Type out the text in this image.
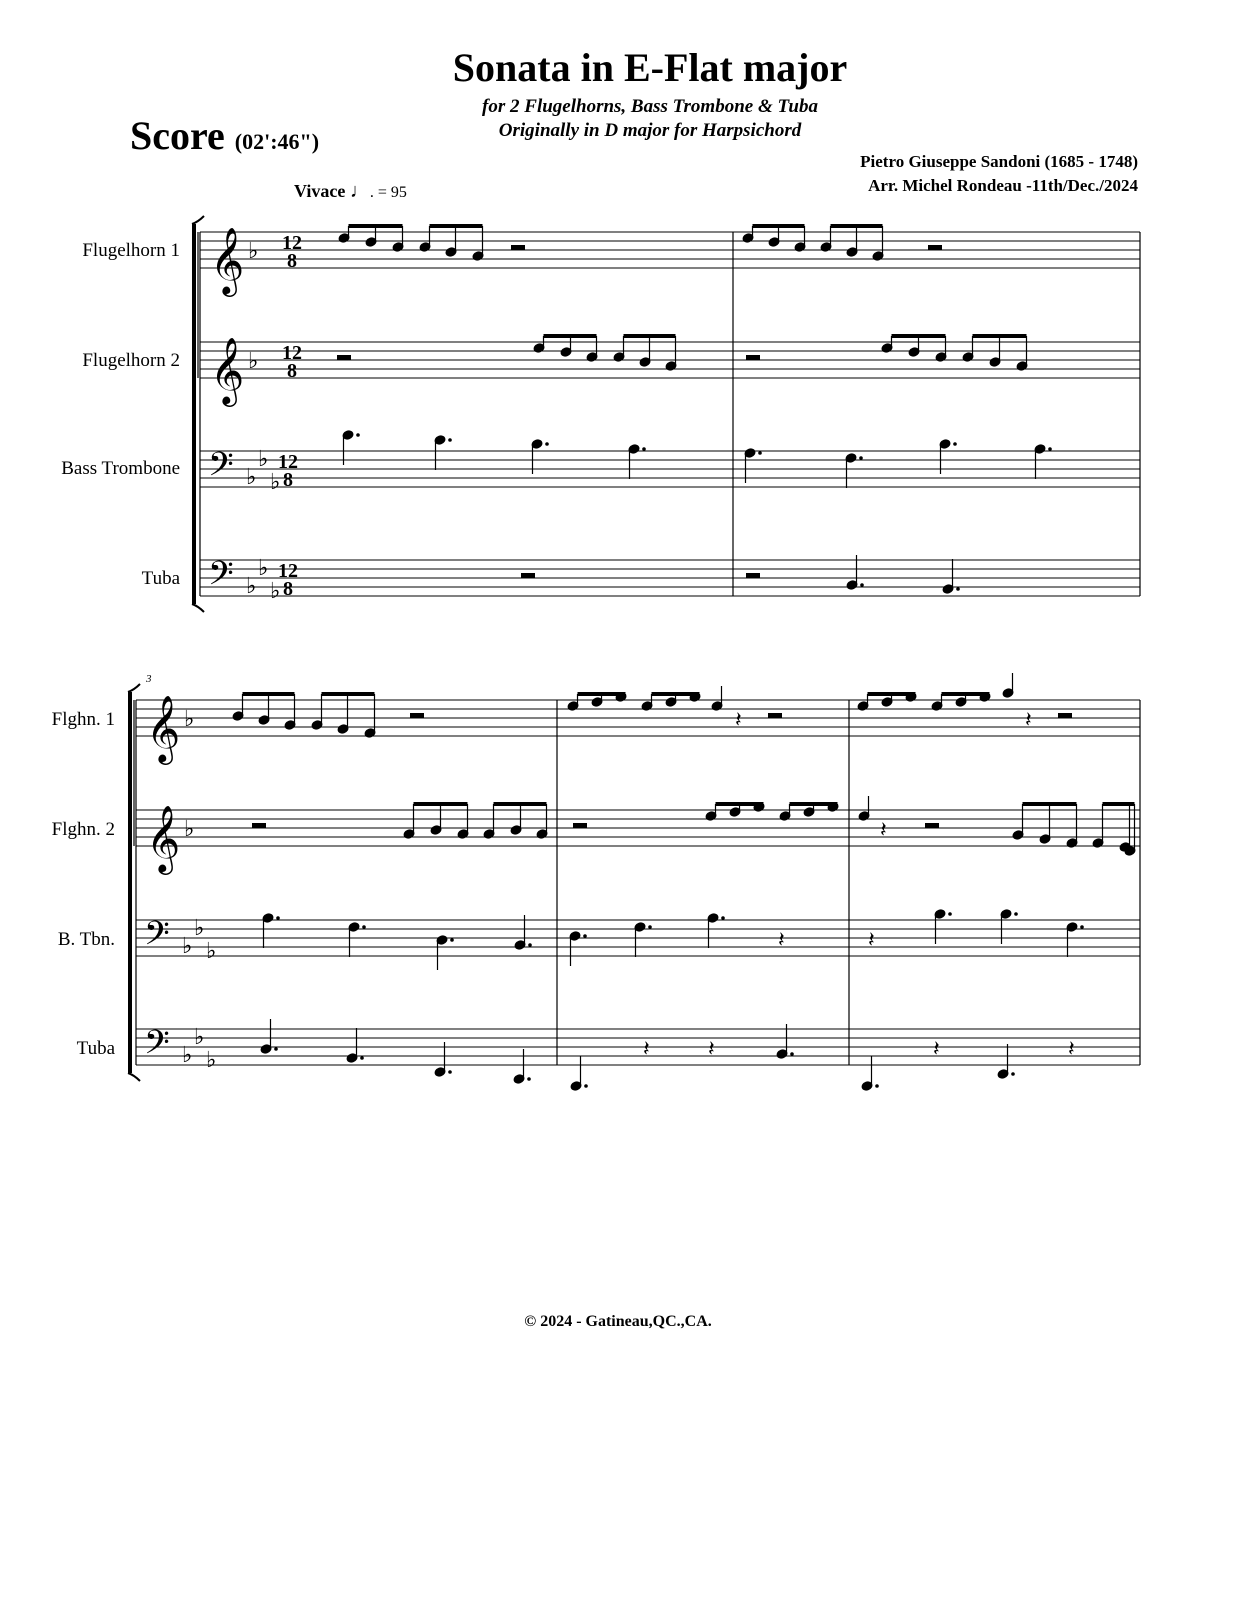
Sonata in E-Flat major
for 2 Flugelhorns, Bass Trombone & Tuba
Originally in D major for Harpsichord
Score (02':46")
Pietro Giuseppe Sandoni (1685 - 1748)
Arr. Michel Rondeau -11th/Dec./2024
Vivace ♩. = 95
Flugelhorn 1
Flugelhorn 2
Bass Trombone
Tuba
Flghn. 1
Flghn. 2
B. Tbn.
Tuba
3
𝄞
𝄞
𝄢
𝄢
𝄞
𝄞
𝄢
𝄢
♭
♭
♭
♭
♭
♭
♭
♭
♭
♭
♭
♭
♭
♭
♭
♭
12
8
12
8
12
8
12
8
𝄽	𝄽
𝄽
𝄽	𝄽
𝄽	𝄽	𝄽	𝄽
© 2024 - Gatineau,QC.,CA.
